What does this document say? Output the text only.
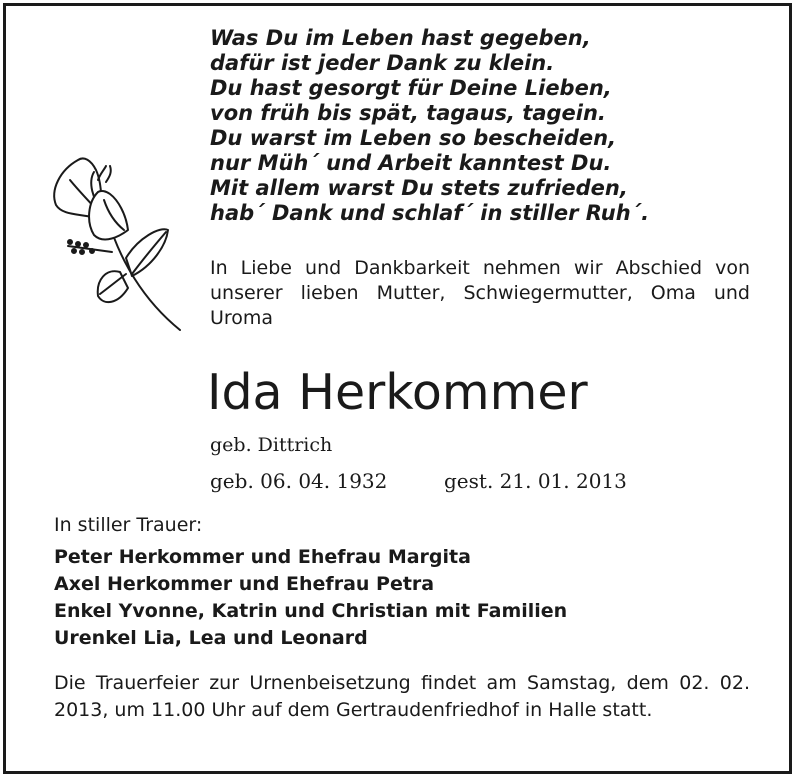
Was Du im Leben hast gegeben,
dafür ist jeder Dank zu klein.
Du hast gesorgt für Deine Lieben,
von früh bis spät, tagaus, tagein.
Du warst im Leben so bescheiden,
nur Müh´ und Arbeit kanntest Du.
Mit allem warst Du stets zufrieden,
hab´ Dank und schlaf´ in stiller Ruh´.
In Liebe und Dankbarkeit nehmen wir Abschied von unserer lieben Mutter, Schwiegermutter, Oma und Uroma
Ida Herkommer
geb. Dittrich
geb. 06. 04. 1932	gest. 21. 01. 2013
In stiller Trauer:
Peter Herkommer und Ehefrau Margita
Axel Herkommer und Ehefrau Petra
Enkel Yvonne, Katrin und Christian mit Familien
Urenkel Lia, Lea und Leonard
Die Trauerfeier zur Urnenbeisetzung findet am Samstag, dem 02. 02. 2013, um 11.00 Uhr auf dem Gertraudenfriedhof in Halle statt.
